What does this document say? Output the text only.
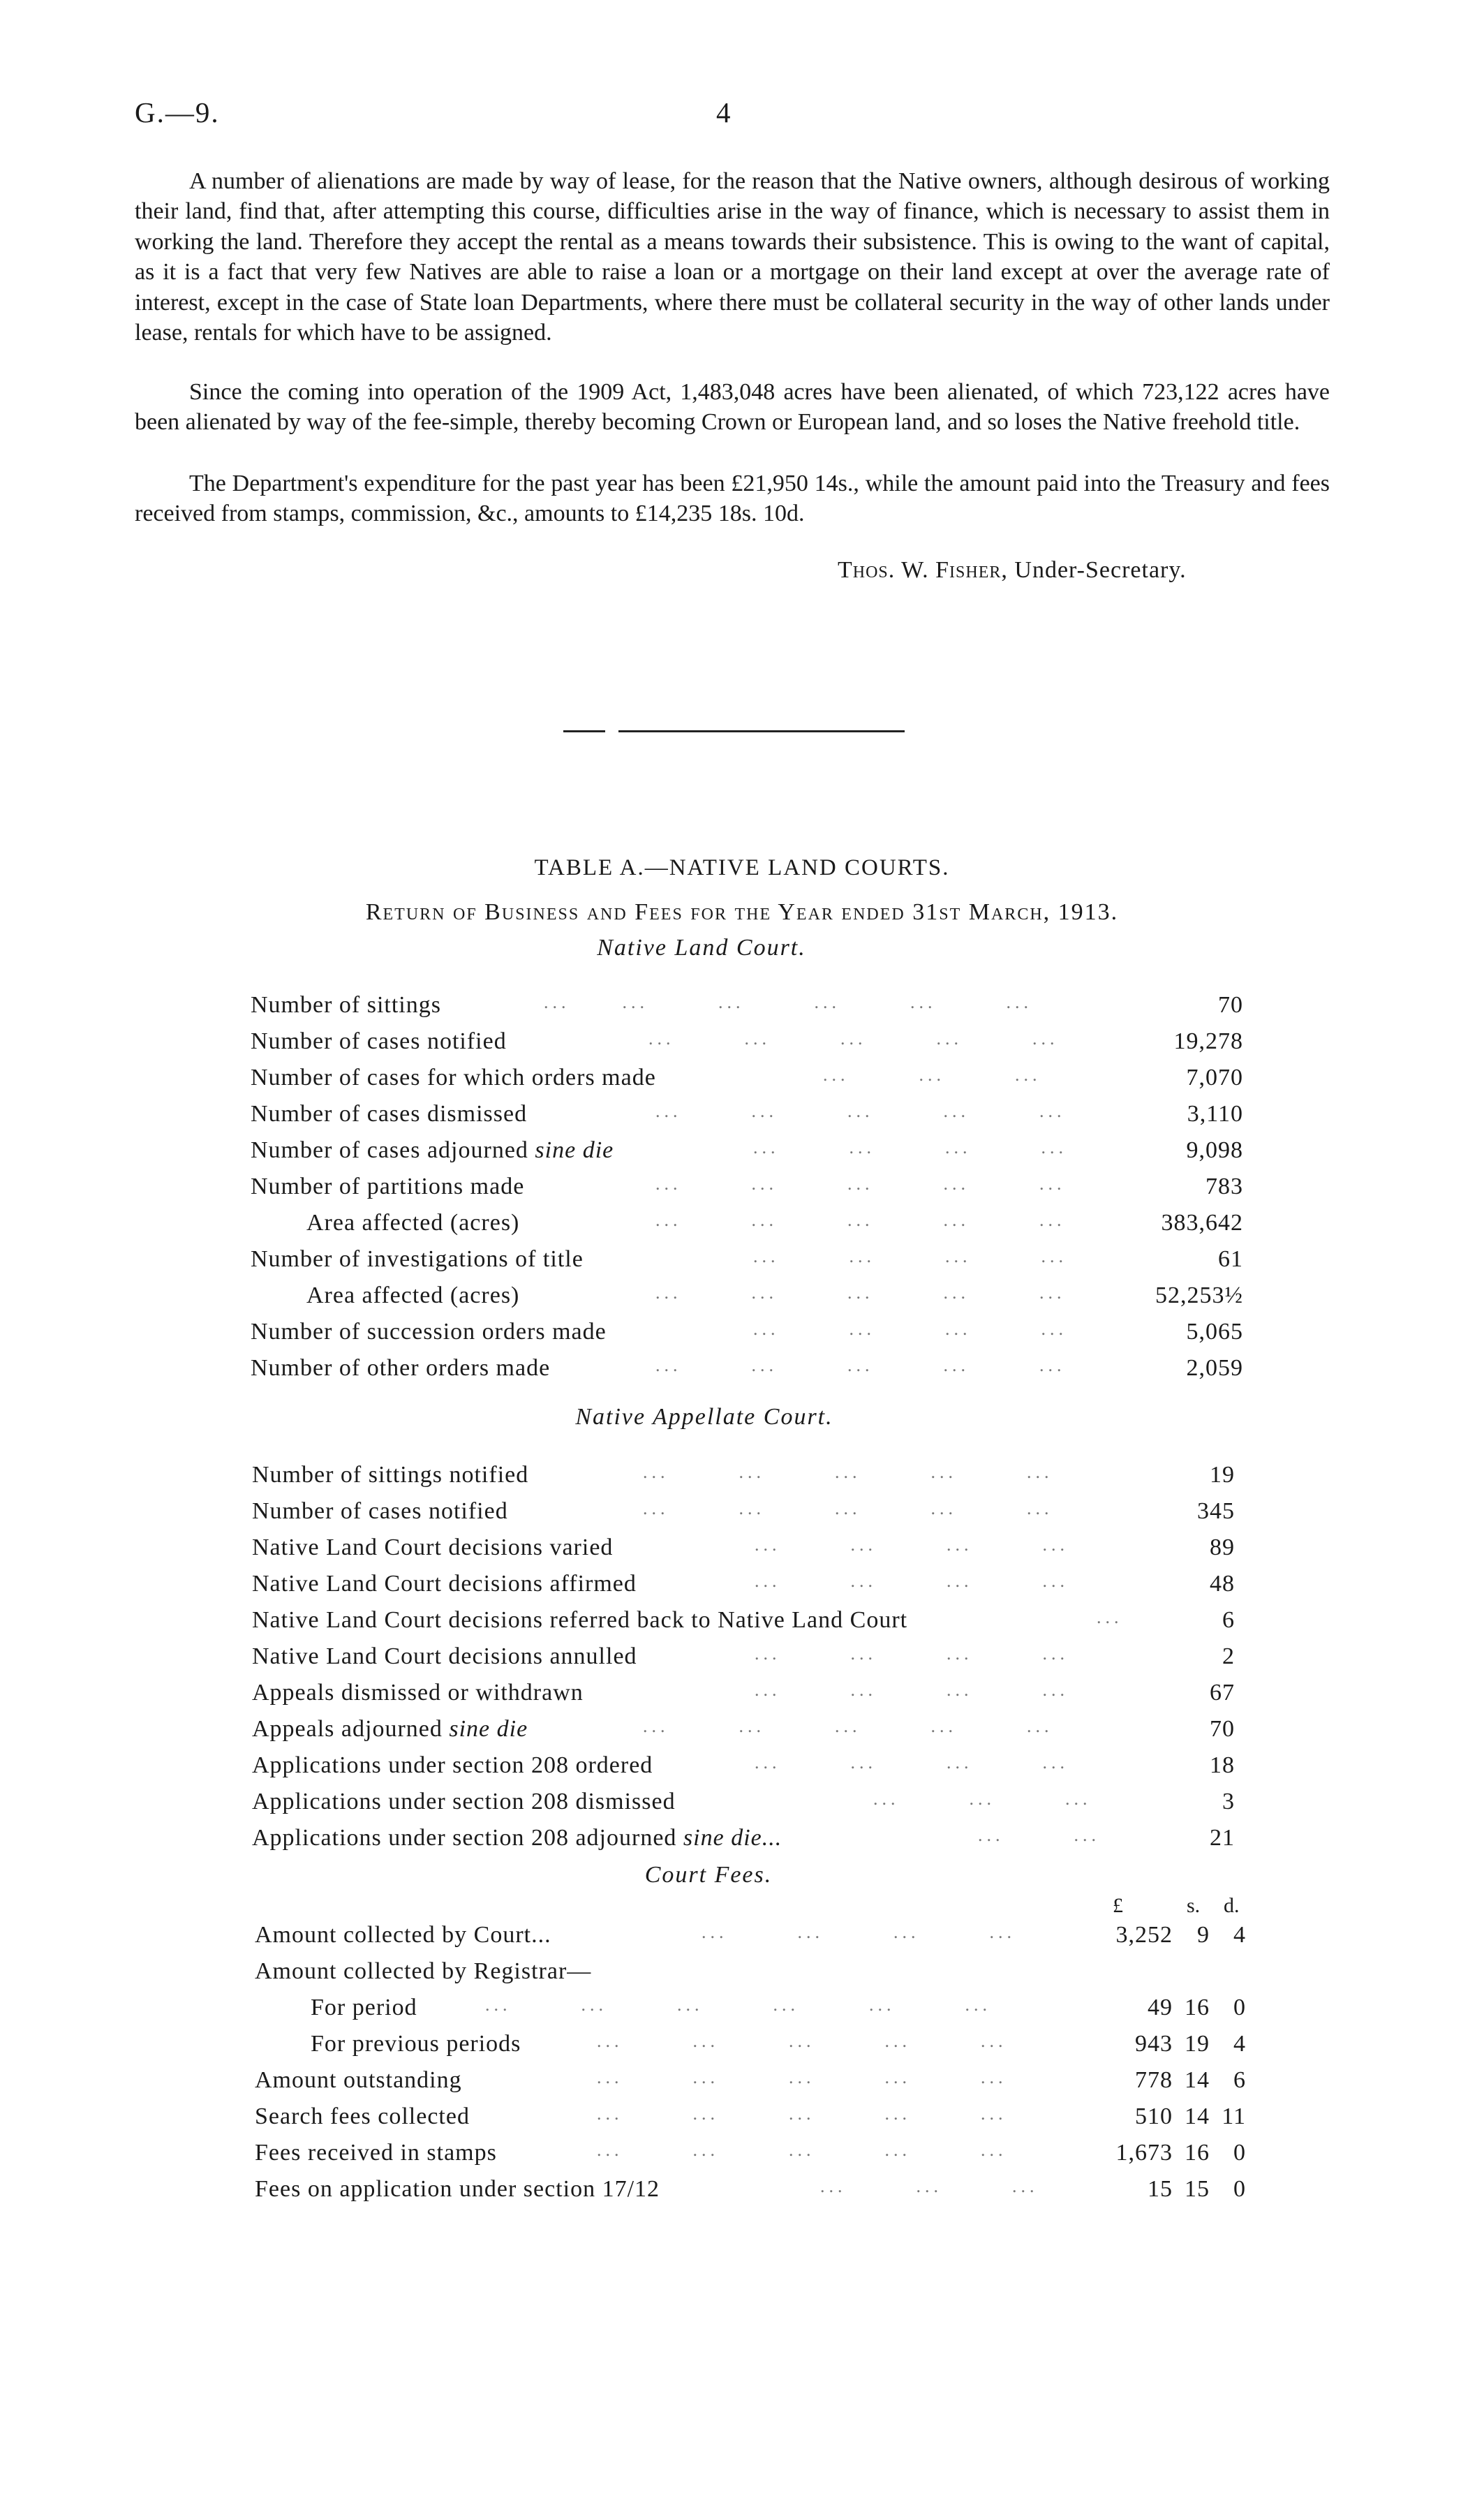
G.—9.	4

A number of alienations are made by way of lease, for the reason that the Native owners, although desirous of working their land, find that, after attempting this course, difficulties arise in the way of finance, which is necessary to assist them in working the land. Therefore they accept the rental as a means towards their subsistence. This is owing to the want of capital, as it is a fact that very few Natives are able to raise a loan or a mortgage on their land except at over the average rate of interest, except in the case of State loan Departments, where there must be collateral security in the way of other lands under lease, rentals for which have to be assigned.

Since the coming into operation of the 1909 Act, 1,483,048 acres have been alienated, of which 723,122 acres have been alienated by way of the fee-simple, thereby becoming Crown or European land, and so loses the Native freehold title.

The Department's expenditure for the past year has been £21,950 14s., while the amount paid into the Treasury and fees received from stamps, commission, &c., amounts to £14,235 18s. 10d.

Thos. W. Fisher, Under-Secretary.
TABLE A.—NATIVE LAND COURTS.
Return of Business and Fees for the Year ended 31st March, 1913.
Native Land Court.
Native Appellate Court.
Court Fees.
Number of sittings	...      ...        ...        ...        ...        ...	70
Number of cases notified	...        ...        ...        ...        ...	19,278
Number of cases for which orders made	...        ...        ...	7,070
Number of cases dismissed	...        ...        ...        ...        ...	3,110
Number of cases adjourned sine die	...        ...        ...        ...	9,098
Number of partitions made	...        ...        ...        ...        ...	783
Area affected (acres)	...        ...        ...        ...        ...	383,642
Number of investigations of title	...        ...        ...        ...	61
Area affected (acres)	...        ...        ...        ...        ...	52,253½
Number of succession orders made	...        ...        ...        ...	5,065
Number of other orders made	...        ...        ...        ...        ...	2,059
Number of sittings notified	...        ...        ...        ...        ...	19
Number of cases notified	...        ...        ...        ...        ...	345
Native Land Court decisions varied	...        ...        ...        ...	89
Native Land Court decisions affirmed	...        ...        ...        ...	48
Native Land Court decisions referred back to Native Land Court	...	6
Native Land Court decisions annulled	...        ...        ...        ...	2
Appeals dismissed or withdrawn	...        ...        ...        ...	67
Appeals adjourned sine die	...        ...        ...        ...        ...	70
Applications under section 208 ordered	...        ...        ...        ...	18
Applications under section 208 dismissed	...        ...        ...	3
Applications under section 208 adjourned sine die...	...        ...	21
£	s. d.
Amount collected by Court...	...        ...        ...        ...	3,252 9 4
Amount collected by Registrar—
For period	...        ...        ...        ...        ...        ...	49 16 0
For previous periods	...        ...        ...        ...        ...	943 19 4
Amount outstanding	...        ...        ...        ...        ...	778 14 6
Search fees collected	...        ...        ...        ...        ...	510 14 11
Fees received in stamps	...        ...        ...        ...        ...	1,673 16 0
Fees on application under section 17/12	...        ...        ...	15 15 0
